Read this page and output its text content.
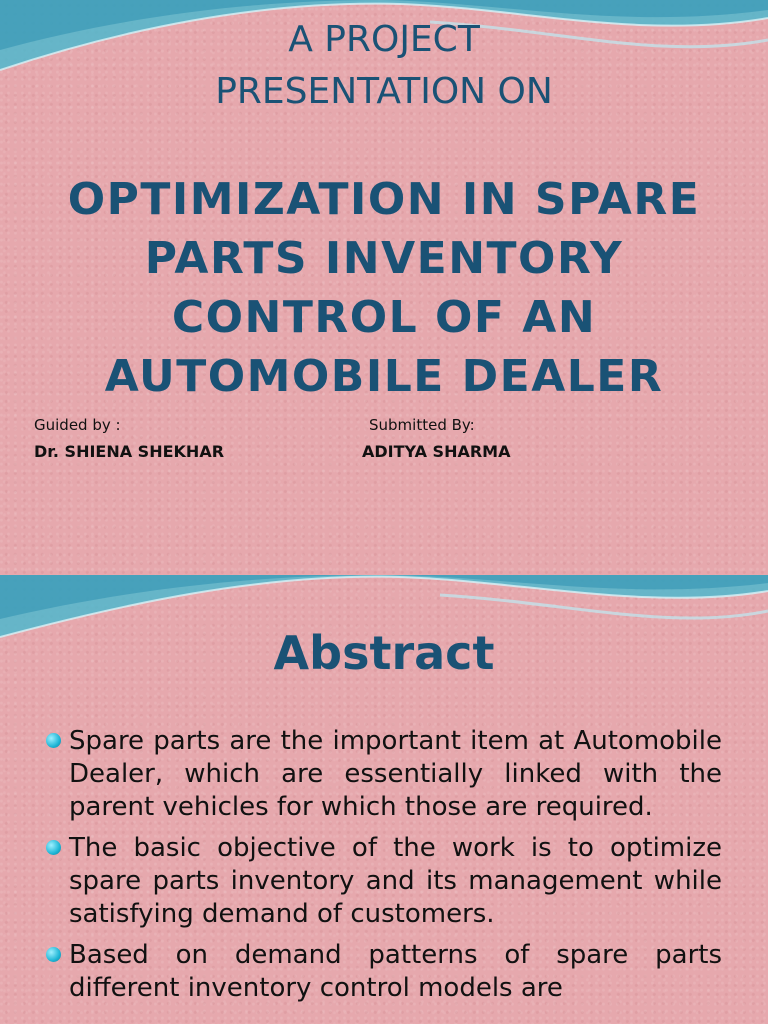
A PROJECT

PRESENTATION ON

OPTIMIZATION IN SPARE
PARTS INVENTORY
CONTROL OF AN
AUTOMOBILE DEALER

Guided by :

Dr. SHIENA SHEKHAR

Submitted By:

ADITYA SHARMA

Abstract
Spare parts are the important item at Automobile Dealer, which are essentially linked with the parent vehicles for which those are required.
The basic objective of the work is to optimize spare parts inventory and its management while satisfying demand of customers.
Based on demand patterns of spare parts different inventory control models are
